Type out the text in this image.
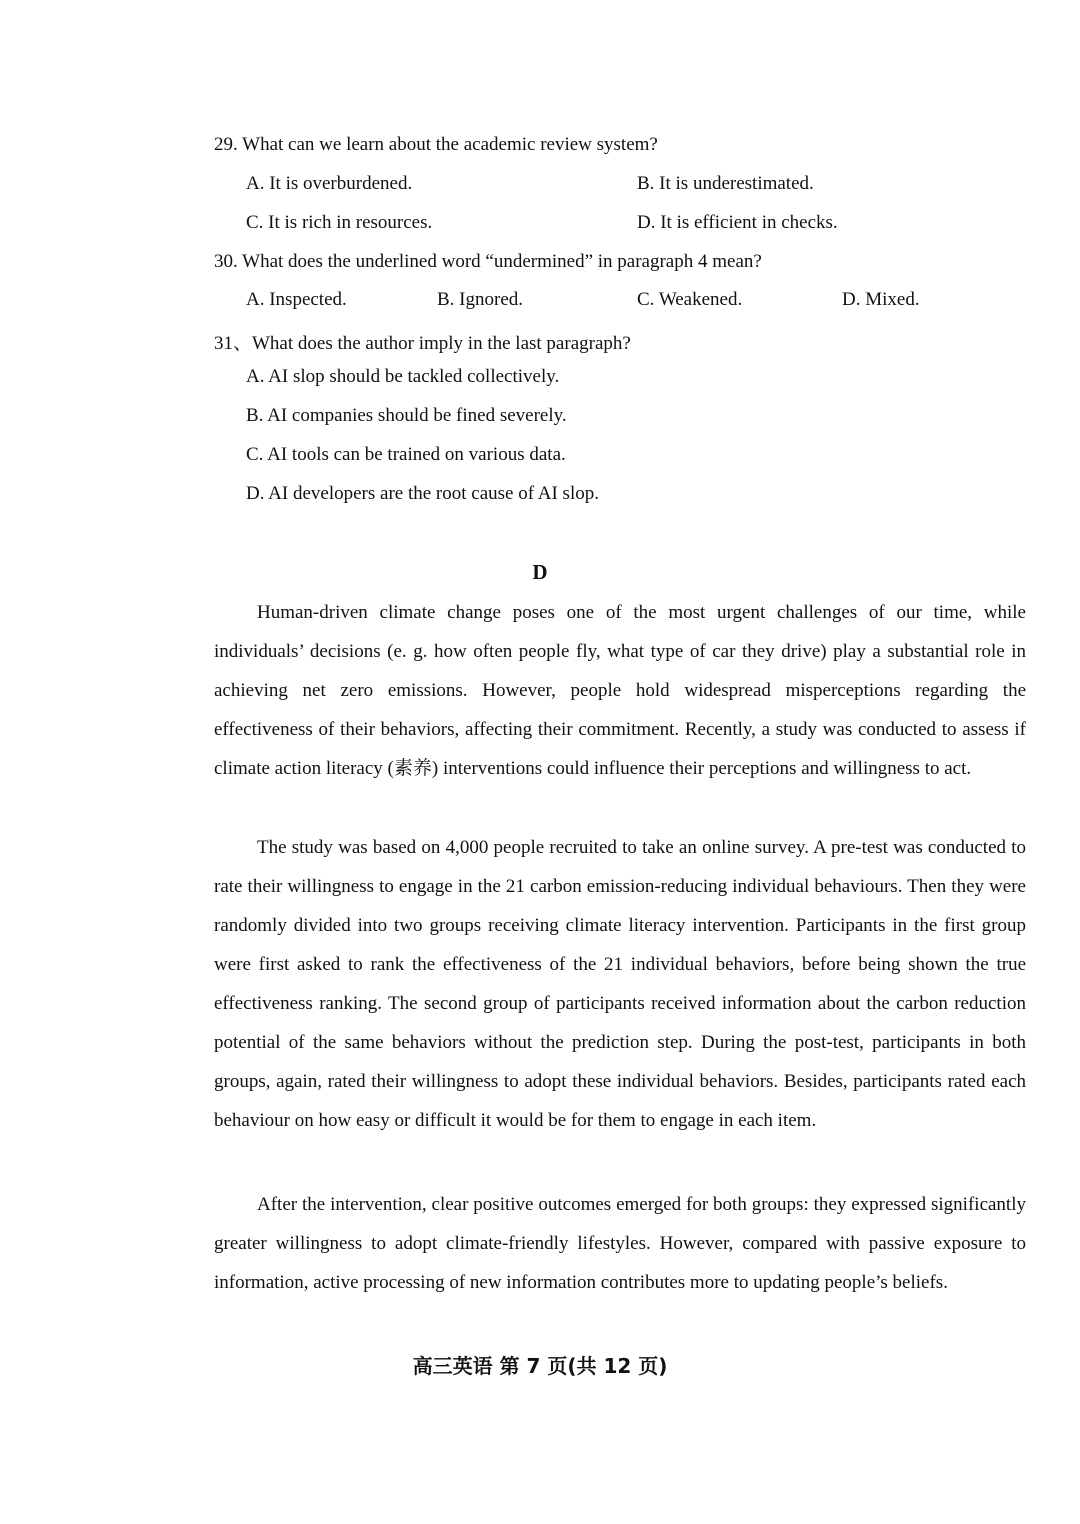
29. What can we learn about the academic review system?
A. It is overburdened.	B. It is underestimated.
C. It is rich in resources.	D. It is efficient in checks.
30. What does the underlined word “undermined” in paragraph 4 mean?
A. Inspected.	B. Ignored.	C. Weakened.	D. Mixed.
31、What does the author imply in the last paragraph?
A. AI slop should be tackled collectively.
B. AI companies should be fined severely.
C. AI tools can be trained on various data.
D. AI developers are the root cause of AI slop.
D

Human-driven climate change poses one of the most urgent challenges of our time, while individuals’ decisions (e. g. how often people fly, what type of car they drive) play a substantial role in achieving net zero emissions. However, people hold widespread misperceptions regarding the effectiveness of their behaviors, affecting their commitment. Recently, a study was conducted to assess if climate action literacy (素养) interventions could influence their perceptions and willingness to act.

The study was based on 4,000 people recruited to take an online survey. A pre-test was conducted to rate their willingness to engage in the 21 carbon emission-reducing individual behaviours. Then they were randomly divided into two groups receiving climate literacy intervention. Participants in the first group were first asked to rank the effectiveness of the 21 individual behaviors, before being shown the true effectiveness ranking. The second group of participants received information about the carbon reduction potential of the same behaviors without the prediction step. During the post-test, participants in both groups, again, rated their willingness to adopt these individual behaviors. Besides, participants rated each behaviour on how easy or difficult it would be for them to engage in each item.

After the intervention, clear positive outcomes emerged for both groups: they expressed significantly greater willingness to adopt climate-friendly lifestyles. However, compared with passive exposure to information, active processing of new information contributes more to updating people’s beliefs.

高三英语 第 7 页(共 12 页)
